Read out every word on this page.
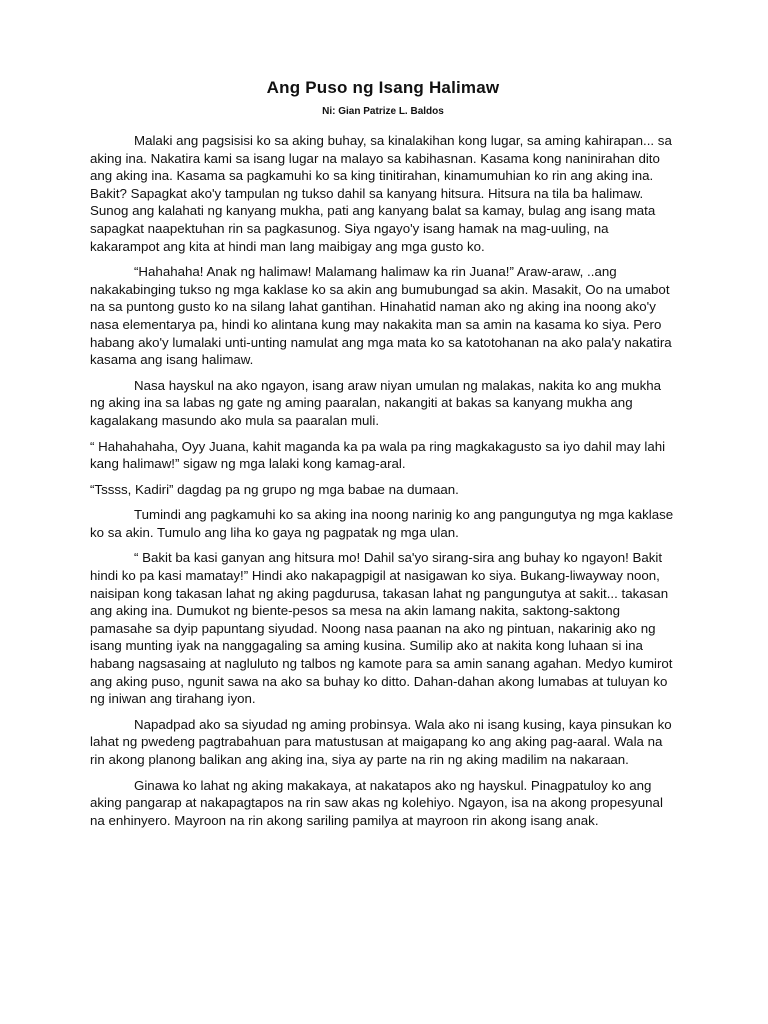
Ang Puso ng Isang Halimaw
Ni: Gian Patrize L. Baldos

Malaki ang pagsisisi ko sa aking buhay, sa kinalakihan kong lugar, sa aming kahirapan... sa aking ina. Nakatira kami sa isang lugar na malayo sa kabihasnan. Kasama kong naninirahan dito ang aking ina. Kasama sa pagkamuhi ko sa king tinitirahan, kinamumuhian ko rin ang aking ina. Bakit? Sapagkat ako'y tampulan ng tukso dahil sa kanyang hitsura. Hitsura na tila ba halimaw. Sunog ang kalahati ng kanyang mukha, pati ang kanyang balat sa kamay, bulag ang isang mata sapagkat naapektuhan rin sa pagkasunog. Siya ngayo'y isang hamak na mag-uuling, na kakarampot ang kita at hindi man lang maibigay ang mga gusto ko.

“Hahahaha! Anak ng halimaw! Malamang halimaw ka rin Juana!” Araw-araw, ..ang nakakabinging tukso ng mga kaklase ko sa akin ang bumubungad sa akin. Masakit, Oo na umabot na sa puntong gusto ko na silang lahat gantihan. Hinahatid naman ako ng aking ina noong ako'y nasa elementarya pa, hindi ko alintana kung may nakakita man sa amin na kasama ko siya. Pero habang ako'y lumalaki unti-unting namulat ang mga mata ko sa katotohanan na ako pala'y nakatira kasama ang isang halimaw.

Nasa hayskul na ako ngayon, isang araw niyan umulan ng malakas, nakita ko ang mukha ng aking ina sa labas ng gate ng aming paaralan, nakangiti at bakas sa kanyang mukha ang kagalakang masundo ako mula sa paaralan muli.

“ Hahahahaha, Oyy Juana, kahit maganda ka pa wala pa ring magkakagusto sa iyo dahil may lahi kang halimaw!” sigaw ng mga lalaki kong kamag-aral.

“Tssss, Kadiri” dagdag pa ng grupo ng mga babae na dumaan.

Tumindi ang pagkamuhi ko sa aking ina noong narinig ko ang pangungutya ng mga kaklase ko sa akin. Tumulo ang liha ko gaya ng pagpatak ng mga ulan.

“ Bakit ba kasi ganyan ang hitsura mo! Dahil sa'yo sirang-sira ang buhay ko ngayon! Bakit hindi ko pa kasi mamatay!” Hindi ako nakapagpigil at nasigawan ko siya. Bukang-liwayway noon, naisipan kong takasan lahat ng aking pagdurusa, takasan lahat ng pangungutya at sakit... takasan ang aking ina. Dumukot ng biente-pesos sa mesa na akin lamang nakita, saktong-saktong pamasahe sa dyip papuntang siyudad. Noong nasa paanan na ako ng pintuan, nakarinig ako ng isang munting iyak na nanggagaling sa aming kusina. Sumilip ako at nakita kong luhaan si ina habang nagsasaing at nagluluto ng talbos ng kamote para sa amin sanang agahan. Medyo kumirot ang aking puso, ngunit sawa na ako sa buhay ko ditto. Dahan-dahan akong lumabas at tuluyan ko ng iniwan ang tirahang iyon.

Napadpad ako sa siyudad ng aming probinsya. Wala ako ni isang kusing, kaya pinsukan ko lahat ng pwedeng pagtrabahuan para matustusan at maigapang ko ang aking pag-aaral. Wala na rin akong planong balikan ang aking ina, siya ay parte na rin ng aking madilim na nakaraan.

Ginawa ko lahat ng aking makakaya, at nakatapos ako ng hayskul. Pinagpatuloy ko ang aking pangarap at nakapagtapos na rin saw akas ng kolehiyo. Ngayon, isa na akong propesyunal na enhinyero. Mayroon na rin akong sariling pamilya at mayroon rin akong isang anak.
